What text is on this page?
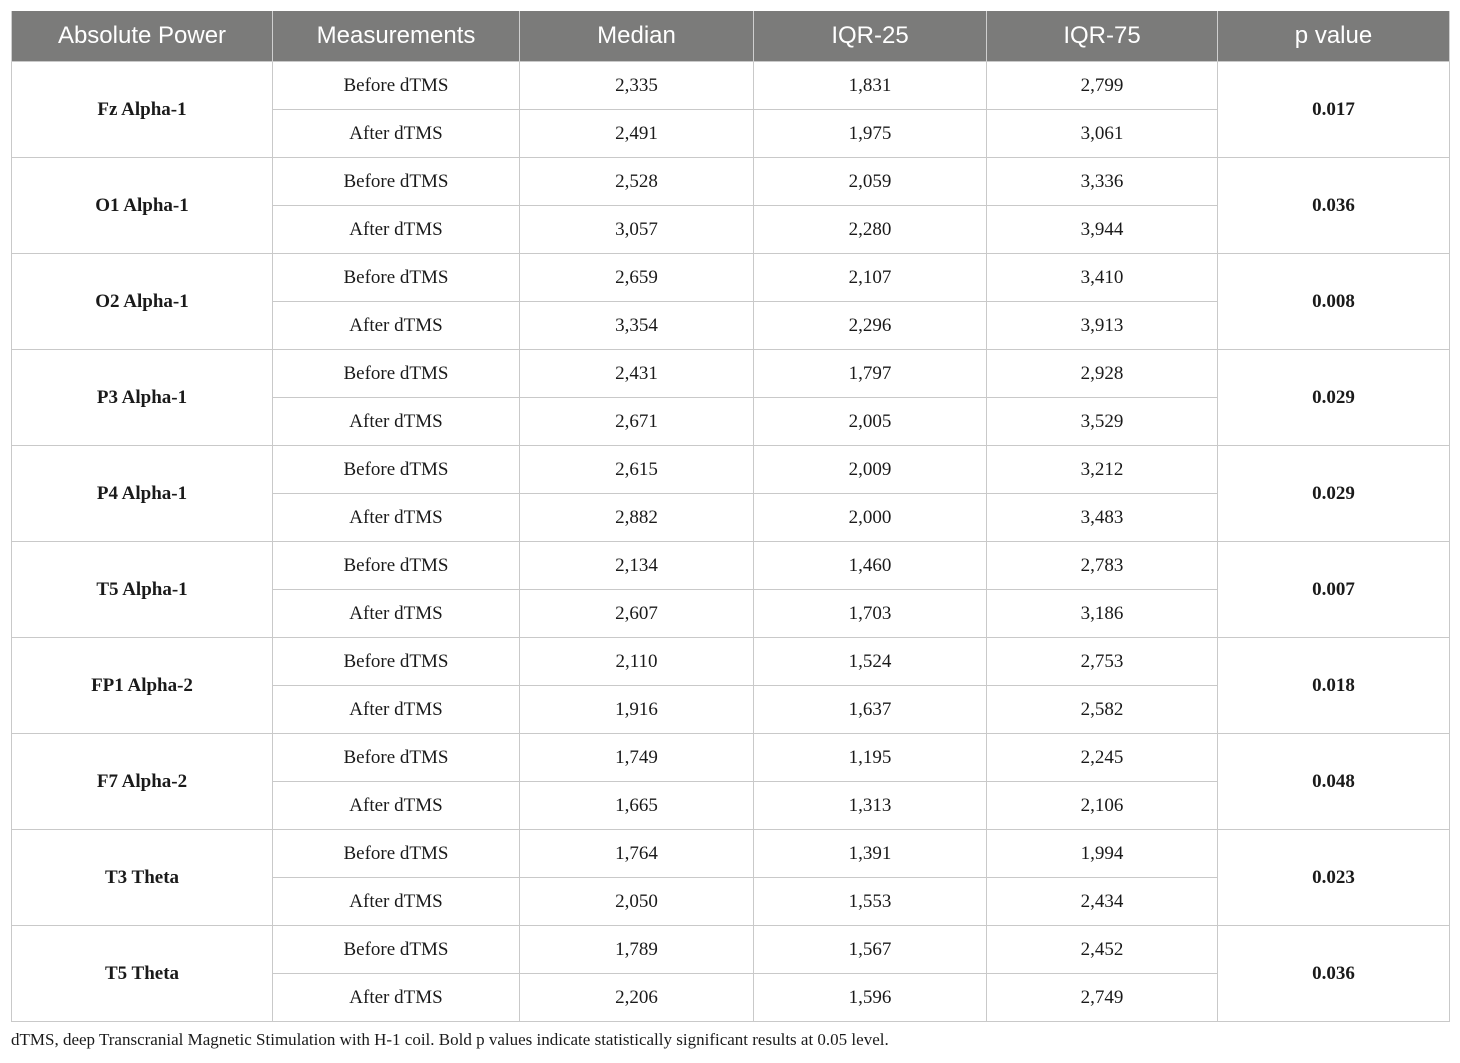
Absolute Power	Measurements	Median	IQR-25	IQR-75	p value
Fz Alpha-1	Before dTMS	2,335	1,831	2,799	0.017
	After dTMS	2,491	1,975	3,061	
O1 Alpha-1	Before dTMS	2,528	2,059	3,336	0.036
	After dTMS	3,057	2,280	3,944	
O2 Alpha-1	Before dTMS	2,659	2,107	3,410	0.008
	After dTMS	3,354	2,296	3,913	
P3 Alpha-1	Before dTMS	2,431	1,797	2,928	0.029
	After dTMS	2,671	2,005	3,529	
P4 Alpha-1	Before dTMS	2,615	2,009	3,212	0.029
	After dTMS	2,882	2,000	3,483	
T5 Alpha-1	Before dTMS	2,134	1,460	2,783	0.007
	After dTMS	2,607	1,703	3,186	
FP1 Alpha-2	Before dTMS	2,110	1,524	2,753	0.018
	After dTMS	1,916	1,637	2,582	
F7 Alpha-2	Before dTMS	1,749	1,195	2,245	0.048
	After dTMS	1,665	1,313	2,106	
T3 Theta	Before dTMS	1,764	1,391	1,994	0.023
	After dTMS	2,050	1,553	2,434	
T5 Theta	Before dTMS	1,789	1,567	2,452	0.036
	After dTMS	2,206	1,596	2,749	
dTMS, deep Transcranial Magnetic Stimulation with H-1 coil. Bold p values indicate statistically significant results at 0.05 level.
